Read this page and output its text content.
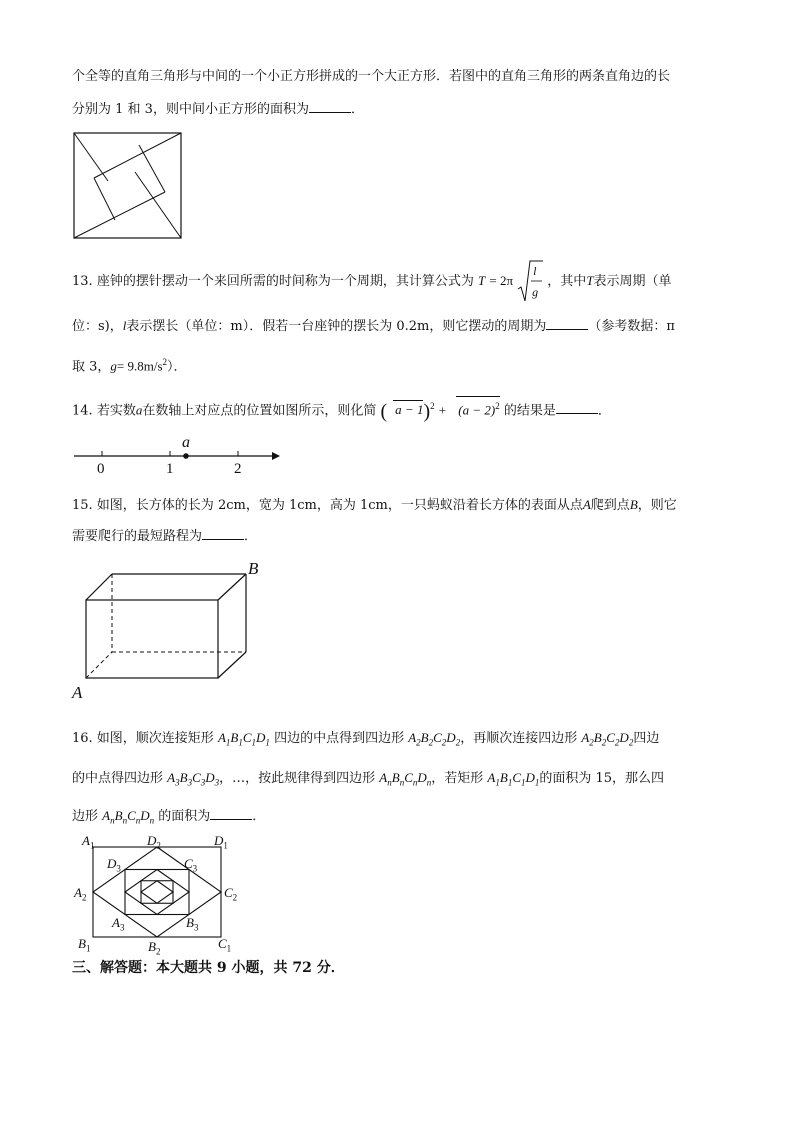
个全等的直角三角形与中间的一个小正方形拼成的一个大正方形．若图中的直角三角形的两条直角边的长
分别为 1 和 3，则中间小正方形的面积为	．
13. 座钟的摆针摆动一个来回所需的时间称为一个周期，其计算公式为 T = 2π
l
g
，其中T表示周期（单
位：s)，l表示摆长（单位：m）．假若一台座钟的摆长为 0.2m，则它摆动的周期为	（参考数据：π
取 3，$g= 9.8m/s^2$）．
14. 若实数a在数轴上对应点的位置如图所示，则化简 ( $a - 1)^2 + (a - 2)^2$ 的结果是	．
0	1	2
a
15. 如图，长方体的长为 2cm，宽为 1cm，高为 1cm，一只蚂蚁沿着长方体的表面从点A爬到点B，则它
需要爬行的最短路程为	．
A
B
16. 如图，顺次连接矩形 $A_1B_1C_1D_1$ 四边的中点得到四边形 $A_2B_2C_2D_2$，再顺次连接四边形 $A_2B_2C_2D_2$四边
的中点得四边形 $A_3B_3C_3D_3$，…，按此规律得到四边形 $A_nB_nC_nD_n$，若矩形 $A_1B_1C_1D_1$的面积为 15，那么四
边形 $A_nB_nC_nD_n$ 的面积为	．
$A_1$	$D_2$	$D_1$
$D_3$	$C_3$
$A_2$	$C_2$
$A_3$	$B_3$
$B_1$	$B_2$
$C_1$
三、解答题：本大题共 9 小题，共 72 分．
